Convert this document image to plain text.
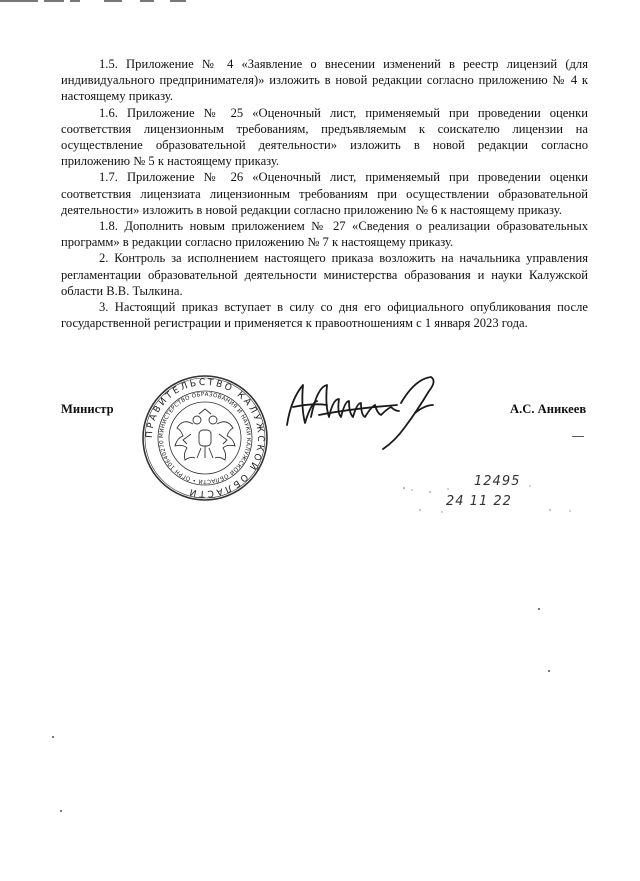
1.5. Приложение № 4 «Заявление о внесении изменений в реестр лицензий (для индивидуального предпринимателя)» изложить в новой редакции согласно приложению № 4 к настоящему приказу.

1.6. Приложение № 25 «Оценочный лист, применяемый при проведении оценки соответствия лицензионным требованиям, предъявляемым к соискателю лицензии на осуществление образовательной деятельности» изложить в новой редакции согласно приложению № 5 к настоящему приказу.

1.7. Приложение № 26 «Оценочный лист, применяемый при проведении оценки соответствия лицензиата лицензионным требованиям при осуществлении образовательной деятельности» изложить в новой редакции согласно приложению № 6 к настоящему приказу.

1.8. Дополнить новым приложением № 27 «Сведения о реализации образовательных программ» в редакции согласно приложению № 7 к настоящему приказу.

2. Контроль за исполнением настоящего приказа возложить на начальника управления регламентации образовательной деятельности министерства образования и науки Калужской области В.В. Тылкина.

3. Настоящий приказ вступает в силу со дня его официального опубликования после государственной регистрации и применяется к правоотношениям с 1 января 2023 года.

Министр
ПРАВИТЕЛЬСТВО КАЛУЖСКОЙ ОБЛАСТИ
МИНИСТЕРСТВО ОБРАЗОВАНИЯ И НАУКИ КАЛУЖСКОЙ ОБЛАСТИ • ОГРН 10640270
А.С. Аникеев
12495
24 11 22
